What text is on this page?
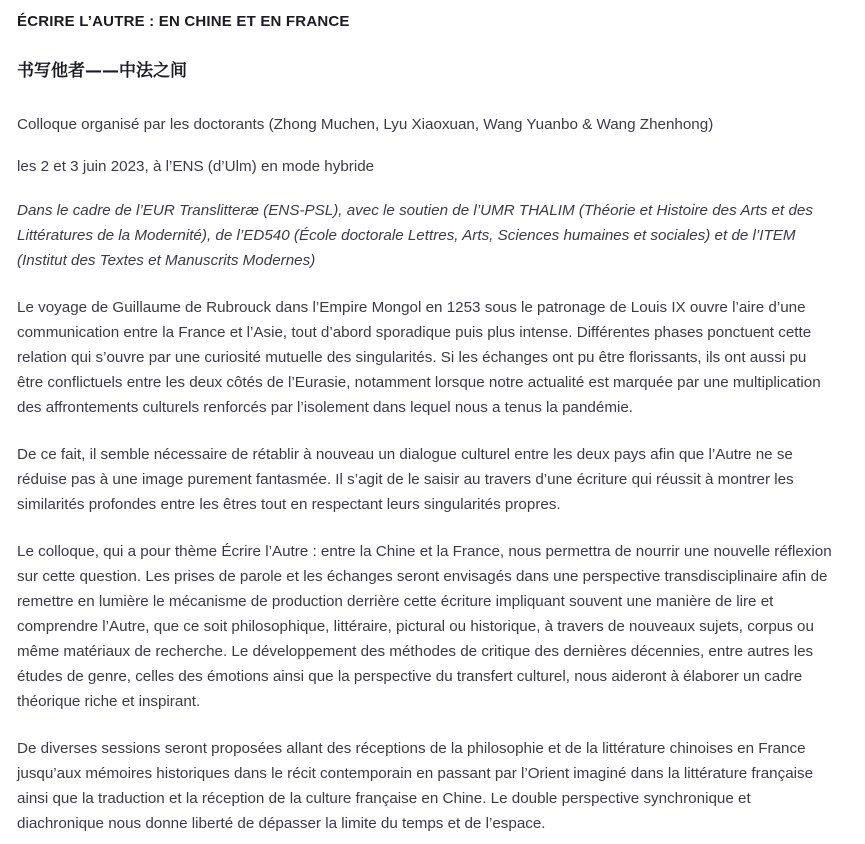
ÉCRIRE L’AUTRE : EN CHINE ET EN FRANCE
书写他者——中法之间

Colloque organisé par les doctorants (Zhong Muchen, Lyu Xiaoxuan, Wang Yuanbo & Wang Zhenhong)

les 2 et 3 juin 2023, à l’ENS (d’Ulm) en mode hybride

Dans le cadre de l’EUR Translitteræ (ENS-PSL), avec le soutien de l’UMR THALIM (Théorie et Histoire des Arts et des Littératures de la Modernité), de l’ED540 (École doctorale Lettres, Arts, Sciences humaines et sociales) et de l’ITEM (Institut des Textes et Manuscrits Modernes)

Le voyage de Guillaume de Rubrouck dans l’Empire Mongol en 1253 sous le patronage de Louis IX ouvre l’aire d’une communication entre la France et l’Asie, tout d’abord sporadique puis plus intense. Différentes phases ponctuent cette relation qui s’ouvre par une curiosité mutuelle des singularités. Si les échanges ont pu être florissants, ils ont aussi pu être conflictuels entre les deux côtés de l’Eurasie, notamment lorsque notre actualité est marquée par une multiplication des affrontements culturels renforcés par l’isolement dans lequel nous a tenus la pandémie.

De ce fait, il semble nécessaire de rétablir à nouveau un dialogue culturel entre les deux pays afin que l’Autre ne se réduise pas à une image purement fantasmée. Il s’agit de le saisir au travers d’une écriture qui réussit à montrer les similarités profondes entre les êtres tout en respectant leurs singularités propres.

Le colloque, qui a pour thème Écrire l’Autre : entre la Chine et la France, nous permettra de nourrir une nouvelle réflexion sur cette question. Les prises de parole et les échanges seront envisagés dans une perspective transdisciplinaire afin de remettre en lumière le mécanisme de production derrière cette écriture impliquant souvent une manière de lire et comprendre l’Autre, que ce soit philosophique, littéraire, pictural ou historique, à travers de nouveaux sujets, corpus ou même matériaux de recherche. Le développement des méthodes de critique des dernières décennies, entre autres les études de genre, celles des émotions ainsi que la perspective du transfert culturel, nous aideront à élaborer un cadre théorique riche et inspirant.

De diverses sessions seront proposées allant des réceptions de la philosophie et de la littérature chinoises en France jusqu’aux mémoires historiques dans le récit contemporain en passant par l’Orient imaginé dans la littérature française ainsi que la traduction et la réception de la culture française en Chine. Le double perspective synchronique et diachronique nous donne liberté de dépasser la limite du temps et de l’espace.
